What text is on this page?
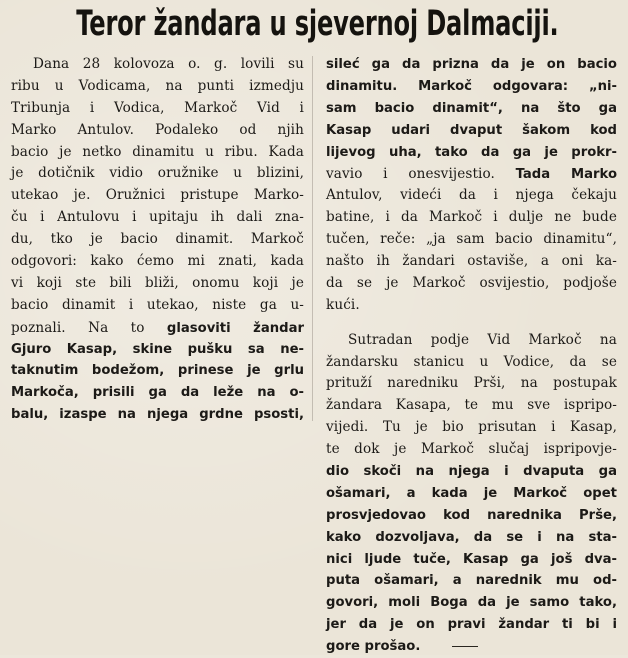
Teror žandara u sjevernoj Dalmaciji.
Dana 28 kolovoza o. g. lovili su
ribu u Vodicama, na punti izmedju
Tribunja i Vodica, Markoč Vid i
Marko Antulov. Podaleko od njih
bacio je netko dinamitu u ribu. Kada
je dotičnik vidio oružnike u blizini,
utekao je. Oružnici pristupe Marko-
ču i Antulovu i upitaju ih dali zna-
du, tko je bacio dinamit. Markoč
odgovori: kako ćemo mi znati, kada
vi koji ste bili bliži, onomu koji je
bacio dinamit i utekao, niste ga u-
poznali. Na to glasoviti žandar
Gjuro Kasap, skine pušku sa ne-
taknutim bodežom, prinese je grlu
Markoča, prisili ga da leže na o-
balu, izaspe na njega grdne psosti,
sileć ga da prizna da je on bacio
dinamitu. Markoč odgovara: „ni-
sam bacio dinamit“, na što ga
Kasap udari dvaput šakom kod
lijevog uha, tako da ga je prokr-
vavio i onesvijestio. Tada Marko
Antulov, videći da i njega čekaju
batine, i da Markoč i dulje ne bude
tučen, reče: „ja sam bacio dinamitu“,
našto ih žandari ostaviše, a oni ka-
da se je Markoč osvijestio, podjoše
kući.
Sutradan podje Vid Markoč na
žandarsku stanicu u Vodice, da se
prituží naredniku Prši, na postupak
žandara Kasapa, te mu sve ispripo-
vijedi. Tu je bio prisutan i Kasap,
te dok je Markoč slučaj ispripovje-
dio skoči na njega i dvaputa ga
ošamari, a kada je Markoč opet
prosvjedovao kod narednika Prše,
kako dozvoljava, da se i na sta-
nici ljude tuče, Kasap ga još dva-
puta ošamari, a narednik mu od-
govori, moli Boga da je samo tako,
jer da je on pravi žandar ti bi i
gore prošao.
